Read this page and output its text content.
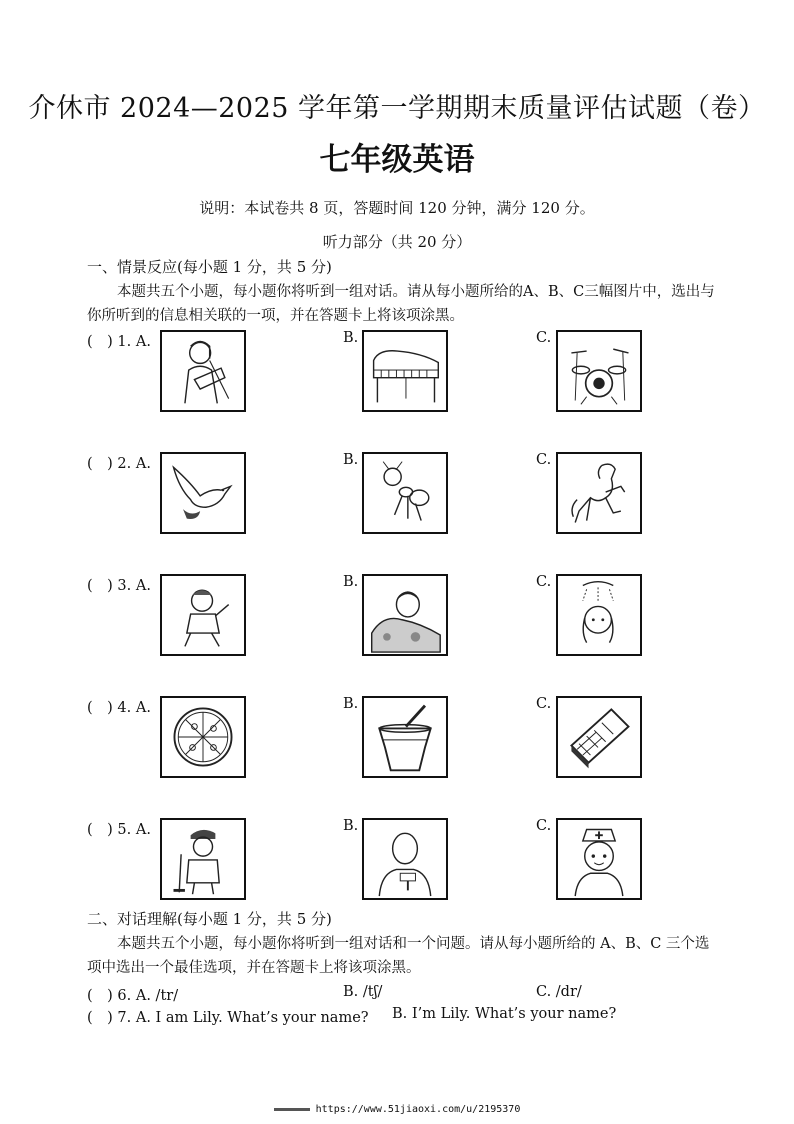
介休市 2024—2025 学年第一学期期末质量评估试题（卷）
七年级英语
说明：本试卷共 8 页，答题时间 120 分钟，满分 120 分。
听力部分（共 20 分）
一、情景反应(每小题 1 分，共 5 分)
本题共五个小题，每小题你将听到一组对话。请从每小题所给的A、B、C三幅图片中，选出与你所听到的信息相关联的一项，并在答题卡上将该项涂黑。
(　) 1. A.	B.	C.
(　) 2. A.	B.	C.
(　) 3. A.	B.	C.
(　) 4. A.	B.	C.
(　) 5. A.	B.	C.
二、对话理解(每小题 1 分，共 5 分)
本题共五个小题，每小题你将听到一组对话和一个问题。请从每小题所给的 A、B、C 三个选项中选出一个最佳选项，并在答题卡上将该项涂黑。
(　) 6. A. /tr/	B. /tʃ/	C. /dr/
(　) 7. A. I am Lily. What’s your name? B. I’m Lily. What’s your name?
https://www.51jiaoxi.com/u/2195370
